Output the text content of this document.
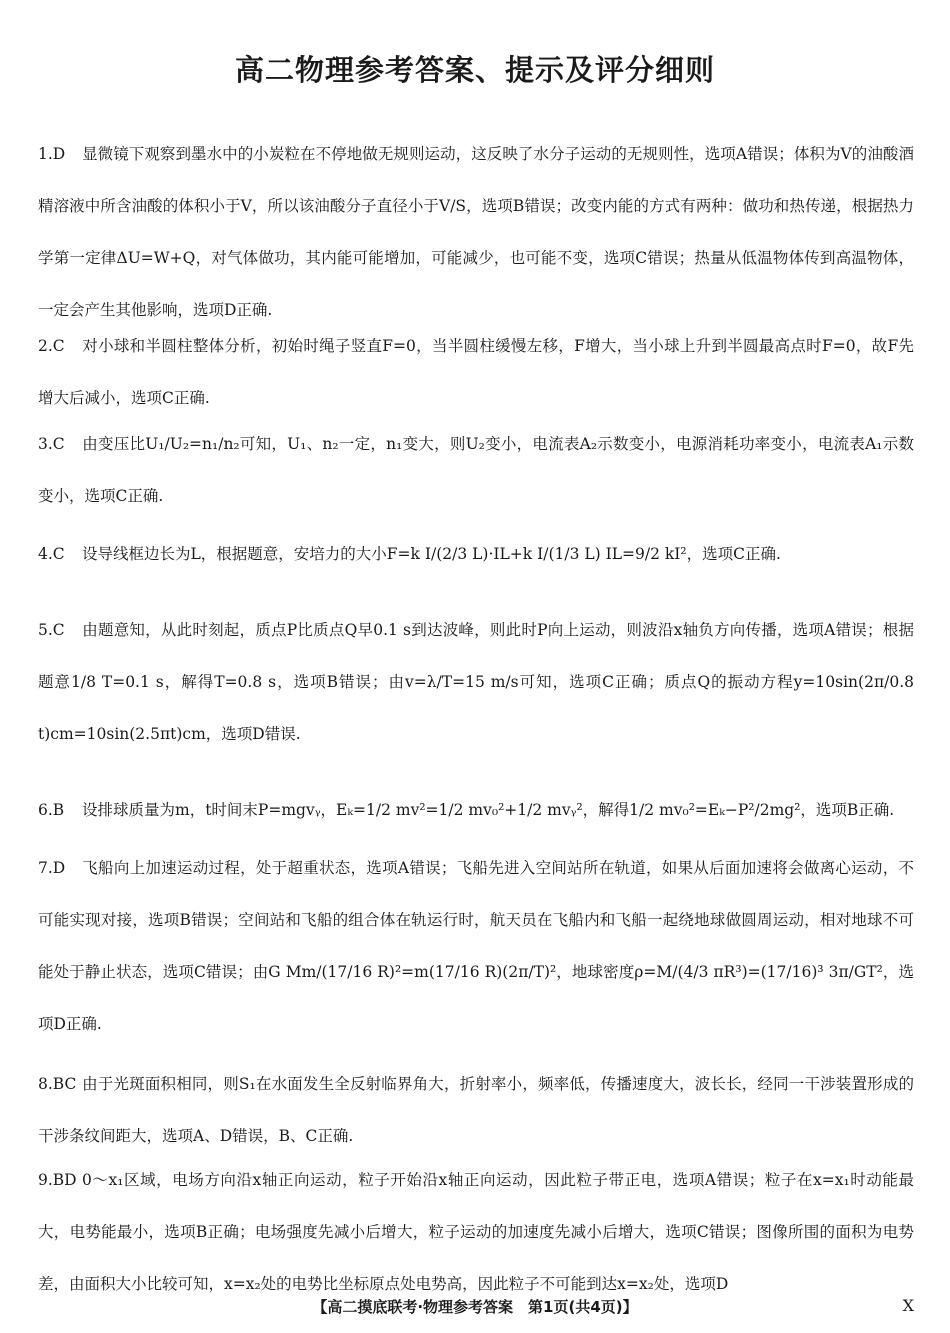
高二物理参考答案、提示及评分细则
1.D 显微镜下观察到墨水中的小炭粒在不停地做无规则运动，这反映了水分子运动的无规则性，选项A错误；体积为V的油酸酒精溶液中所含油酸的体积小于V，所以该油酸分子直径小于V/S，选项B错误；改变内能的方式有两种：做功和热传递，根据热力学第一定律ΔU=W+Q，对气体做功，其内能可能增加，可能减少，也可能不变，选项C错误；热量从低温物体传到高温物体，一定会产生其他影响，选项D正确.
2.C 对小球和半圆柱整体分析，初始时绳子竖直F=0，当半圆柱缓慢左移，F增大，当小球上升到半圆最高点时F=0，故F先增大后减小，选项C正确.
3.C 由变压比U₁/U₂=n₁/n₂可知，U₁、n₂一定，n₁变大，则U₂变小，电流表A₂示数变小，电源消耗功率变小，电流表A₁示数变小，选项C正确.
4.C 设导线框边长为L，根据题意，安培力的大小F=k I/(2/3 L)·IL+k I/(1/3 L) IL=9/2 kI²，选项C正确.
5.C 由题意知，从此时刻起，质点P比质点Q早0.1 s到达波峰，则此时P向上运动，则波沿x轴负方向传播，选项A错误；根据题意1/8 T=0.1 s，解得T=0.8 s，选项B错误；由v=λ/T=15 m/s可知，选项C正确；质点Q的振动方程y=10sin(2π/0.8 t)cm=10sin(2.5πt)cm，选项D错误.
6.B 设排球质量为m，t时间末P=mgvᵧ，Eₖ=1/2 mv²=1/2 mv₀²+1/2 mvᵧ²，解得1/2 mv₀²=Eₖ−P²/2mg²，选项B正确.
7.D 飞船向上加速运动过程，处于超重状态，选项A错误；飞船先进入空间站所在轨道，如果从后面加速将会做离心运动，不可能实现对接，选项B错误；空间站和飞船的组合体在轨运行时，航天员在飞船内和飞船一起绕地球做圆周运动，相对地球不可能处于静止状态，选项C错误；由G Mm/(17/16 R)²=m(17/16 R)(2π/T)²，地球密度ρ=M/(4/3 πR³)=(17/16)³ 3π/GT²，选项D正确.
8.BC 由于光斑面积相同，则S₁在水面发生全反射临界角大，折射率小，频率低，传播速度大，波长长，经同一干涉装置形成的干涉条纹间距大，选项A、D错误，B、C正确.
9.BD 0～x₁区域，电场方向沿x轴正向运动，粒子开始沿x轴正向运动，因此粒子带正电，选项A错误；粒子在x=x₁时动能最大，电势能最小，选项B正确；电场强度先减小后增大，粒子运动的加速度先减小后增大，选项C错误；图像所围的面积为电势差，由面积大小比较可知，x=x₂处的电势比坐标原点处电势高，因此粒子不可能到达x=x₂处，选项D
【高二摸底联考·物理参考答案　第1页(共4页)】	X
